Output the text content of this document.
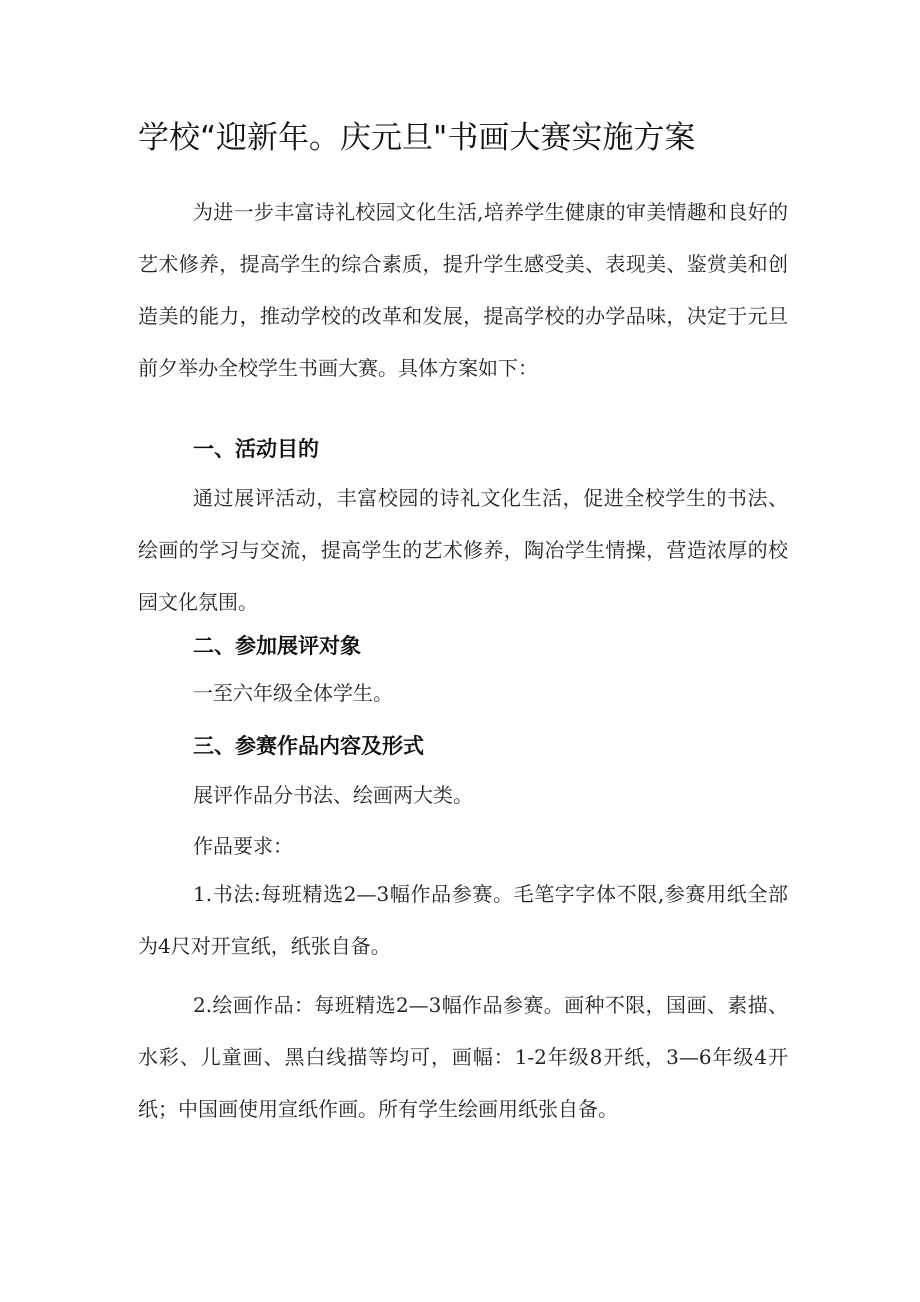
学校“迎新年。庆元旦"书画大赛实施方案

为进一步丰富诗礼校园文化生活,培养学生健康的审美情趣和良好的艺术修养，提高学生的综合素质，提升学生感受美、表现美、鉴赏美和创造美的能力，推动学校的改革和发展，提高学校的办学品味，决定于元旦前夕举办全校学生书画大赛。具体方案如下：

一、活动目的

通过展评活动，丰富校园的诗礼文化生活，促进全校学生的书法、绘画的学习与交流，提高学生的艺术修养，陶冶学生情操，营造浓厚的校园文化氛围。

二、参加展评对象

一至六年级全体学生。

三、参赛作品内容及形式

展评作品分书法、绘画两大类。

作品要求：

1.书法:每班精选2—3幅作品参赛。毛笔字字体不限,参赛用纸全部为4尺对开宣纸，纸张自备。

2.绘画作品：每班精选2—3幅作品参赛。画种不限，国画、素描、水彩、儿童画、黑白线描等均可，画幅：1-2年级8开纸，3—6年级4开纸；中国画使用宣纸作画。所有学生绘画用纸张自备。
